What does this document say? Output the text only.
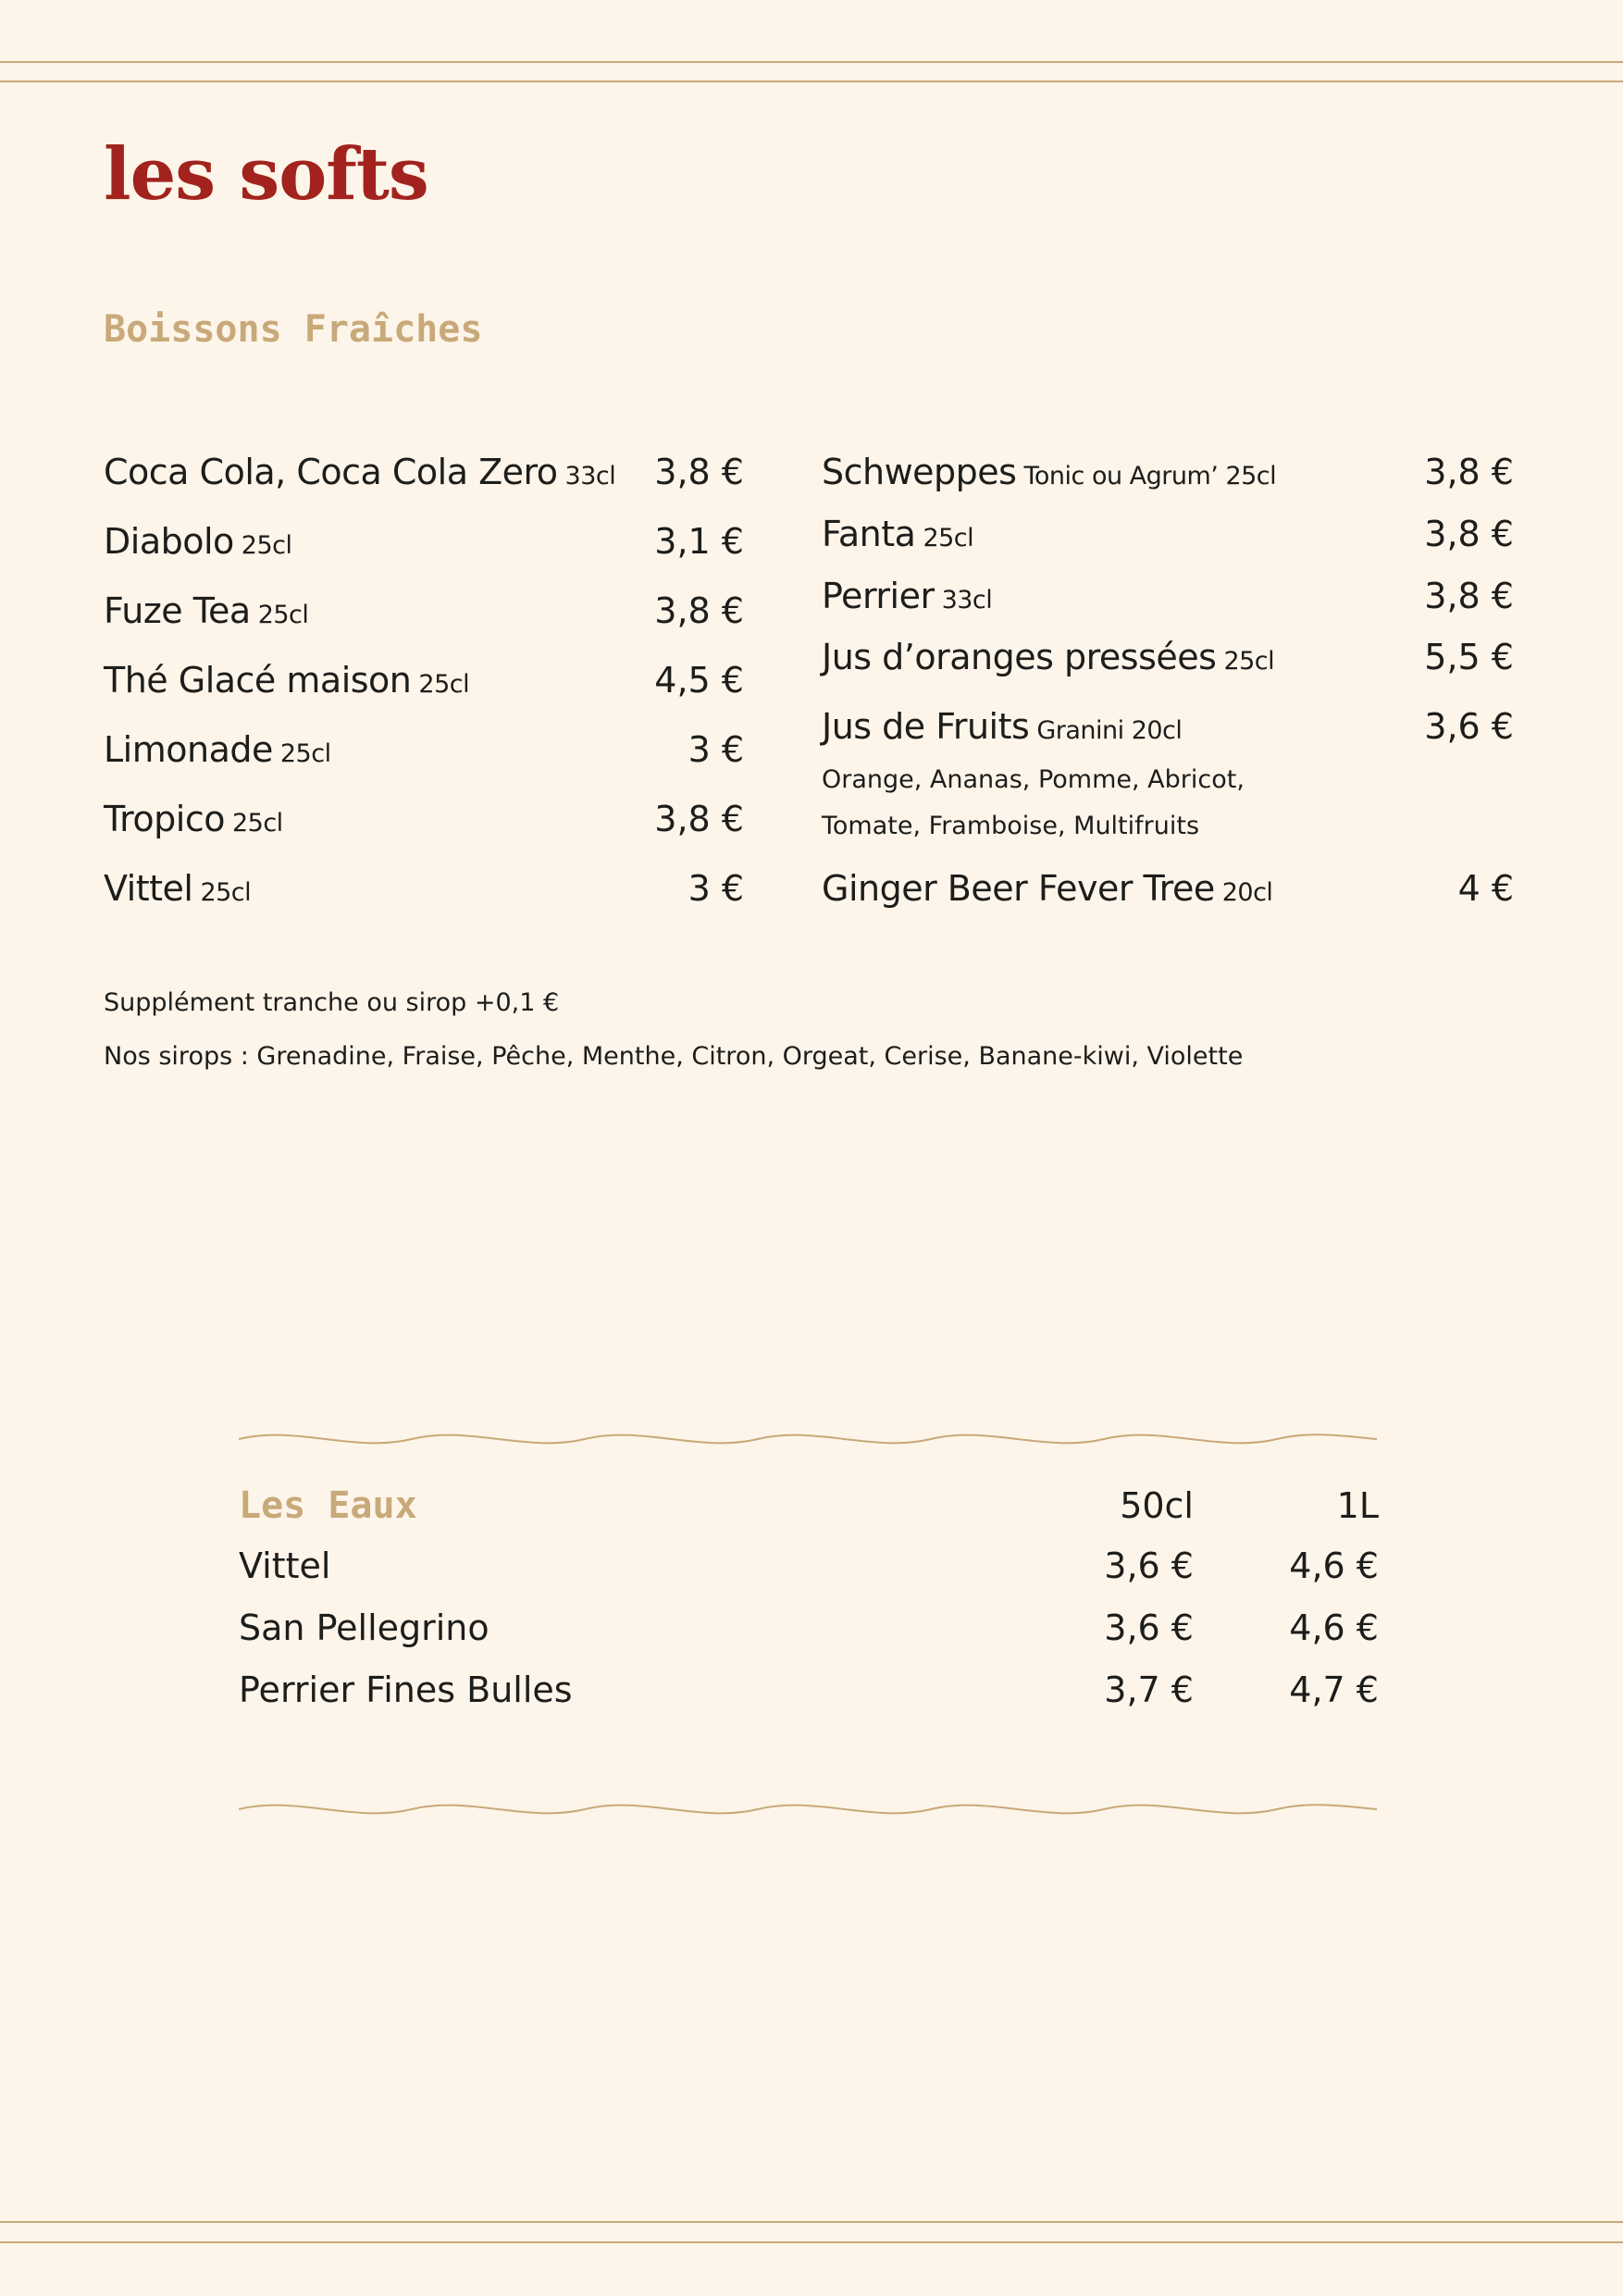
les softs
Boissons Fraîches
Coca Cola, Coca Cola Zero 33cl 3,8 €
Diabolo 25cl	3,1 €
Fuze Tea 25cl	3,8 €
Thé Glacé maison 25cl	4,5 €
Limonade 25cl	3 €
Tropico 25cl	3,8 €
Vittel 25cl	3 €
Schweppes Tonic ou Agrum’ 25cl	3,8 €
Fanta 25cl	3,8 €
Perrier 33cl	3,8 €
Jus d’oranges pressées 25cl	5,5 €
Jus de Fruits Granini 20cl	3,6 €
Orange, Ananas, Pomme, Abricot,
Tomate, Framboise, Multifruits
Ginger Beer Fever Tree 20cl	4 €
Supplément tranche ou sirop +0,1 €
Nos sirops : Grenadine, Fraise, Pêche, Menthe, Citron, Orgeat, Cerise, Banane-kiwi, Violette
Les Eaux	50cl	1L
Vittel	3,6 €	4,6 €
San Pellegrino	3,6 €	4,6 €
Perrier Fines Bulles	3,7 €	4,7 €
